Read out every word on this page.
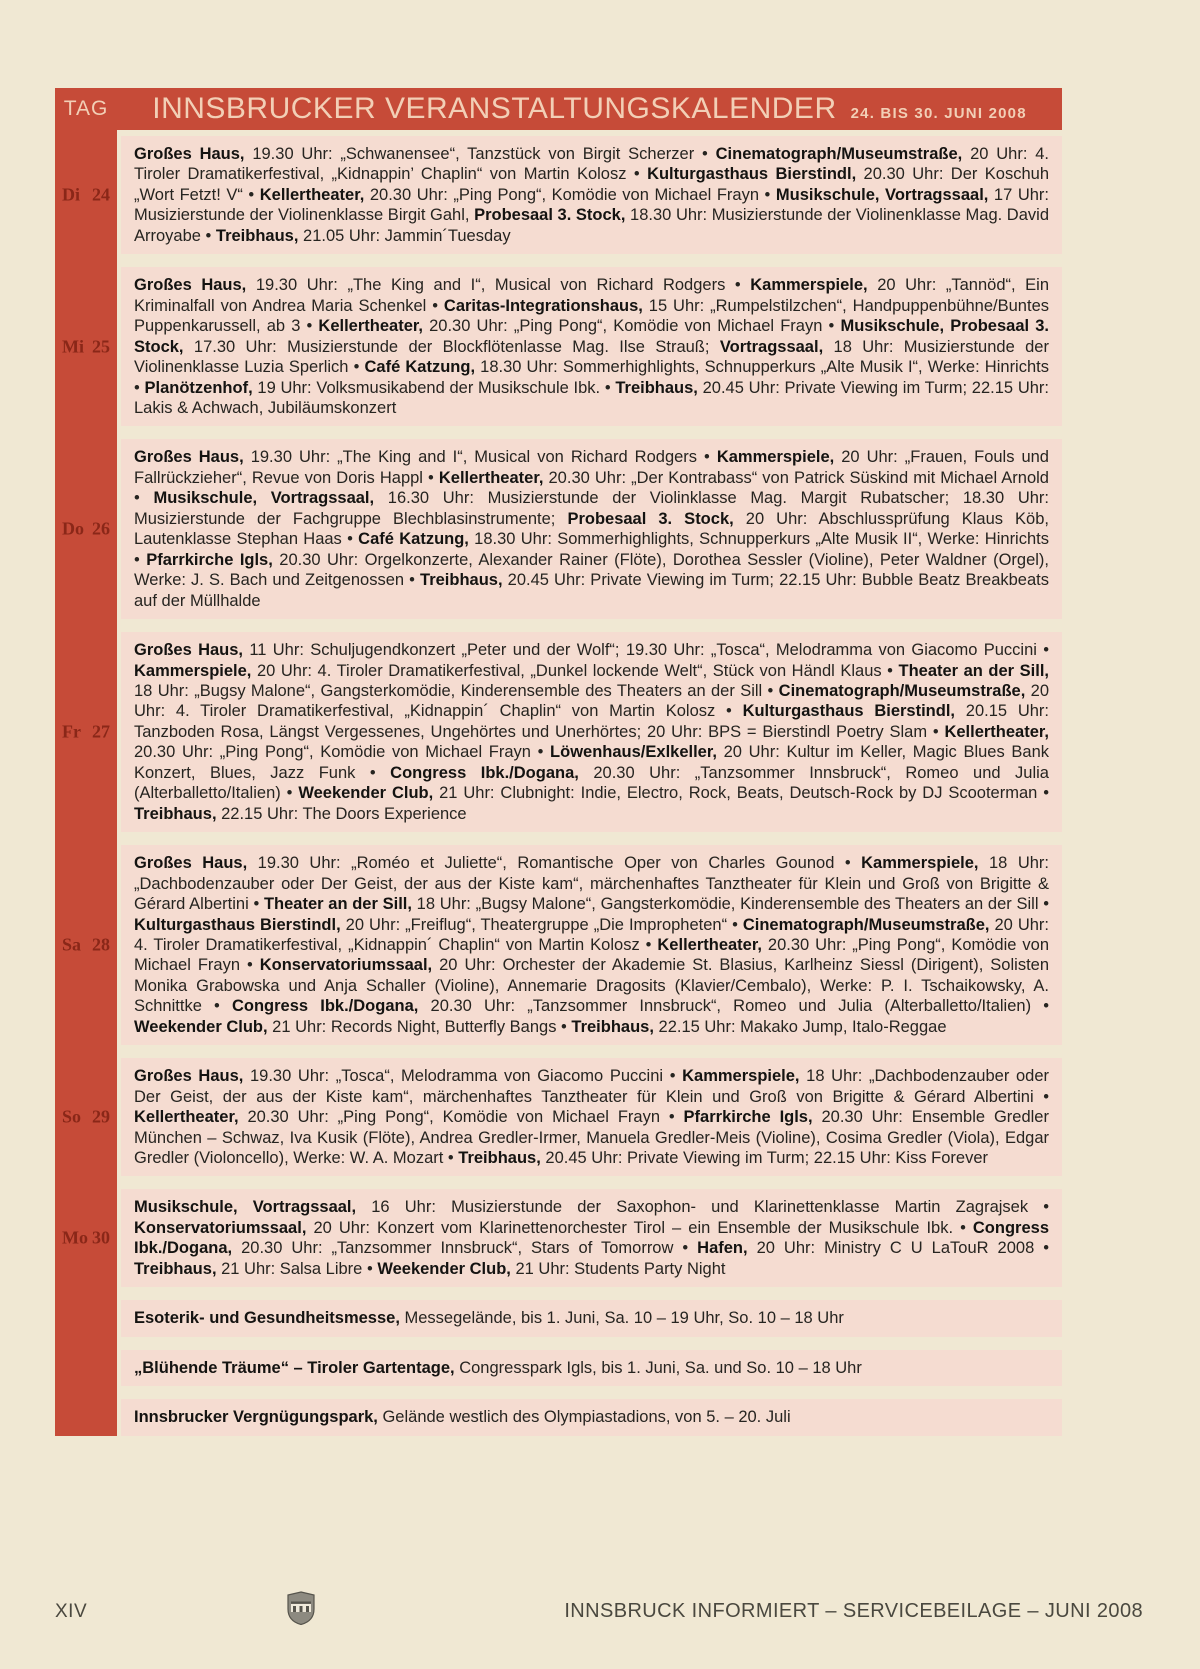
TAG INNSBRUCKER VERANSTALTUNGSKALENDER 24. BIS 30. JUNI 2008
Di 24

Großes Haus, 19.30 Uhr: „Schwanensee“, Tanzstück von Birgit Scherzer • Cinematograph/Museumstraße, 20 Uhr: 4. Tiroler Dramatikerfestival, „Kidnappin’ Chaplin“ von Martin Kolosz • Kulturgasthaus Bierstindl, 20.30 Uhr: Der Koschuh „Wort Fetzt! V“ • Kellertheater, 20.30 Uhr: „Ping Pong“, Komödie von Michael Frayn • Musikschule, Vortragssaal, 17 Uhr: Musizierstunde der Violinenklasse Birgit Gahl, Probesaal 3. Stock, 18.30 Uhr: Musizierstunde der Violinenklasse Mag. David Arroyabe • Treibhaus, 21.05 Uhr: Jammin´Tuesday

Mi 25

Großes Haus, 19.30 Uhr: „The King and I“, Musical von Richard Rodgers • Kammerspiele, 20 Uhr: „Tannöd“, Ein Kriminalfall von Andrea Maria Schenkel • Caritas-Integrationshaus, 15 Uhr: „Rumpelstilzchen“, Handpuppenbühne/Buntes Puppenkarussell, ab 3 • Kellertheater, 20.30 Uhr: „Ping Pong“, Komödie von Michael Frayn • Musikschule, Probesaal 3. Stock, 17.30 Uhr: Musizierstunde der Blockflötenlasse Mag. Ilse Strauß; Vortragssaal, 18 Uhr: Musizierstunde der Violinenklasse Luzia Sperlich • Café Katzung, 18.30 Uhr: Sommerhighlights, Schnupperkurs „Alte Musik I“, Werke: Hinrichts • Planötzenhof, 19 Uhr: Volksmusikabend der Musikschule Ibk. • Treibhaus, 20.45 Uhr: Private Viewing im Turm; 22.15 Uhr: Lakis & Achwach, Jubiläumskonzert

Do 26

Großes Haus, 19.30 Uhr: „The King and I“, Musical von Richard Rodgers • Kammerspiele, 20 Uhr: „Frauen, Fouls und Fallrückzieher“, Revue von Doris Happl • Kellertheater, 20.30 Uhr: „Der Kontrabass“ von Patrick Süskind mit Michael Arnold • Musikschule, Vortragssaal, 16.30 Uhr: Musizierstunde der Violinklasse Mag. Margit Rubatscher; 18.30 Uhr: Musizierstunde der Fachgruppe Blechblasinstrumente; Probesaal 3. Stock, 20 Uhr: Abschlussprüfung Klaus Köb, Lautenklasse Stephan Haas • Café Katzung, 18.30 Uhr: Sommerhighlights, Schnupperkurs „Alte Musik II“, Werke: Hinrichts • Pfarrkirche Igls, 20.30 Uhr: Orgelkonzerte, Alexander Rainer (Flöte), Dorothea Sessler (Violine), Peter Waldner (Orgel), Werke: J. S. Bach und Zeitgenossen • Treibhaus, 20.45 Uhr: Private Viewing im Turm; 22.15 Uhr: Bubble Beatz Breakbeats auf der Müllhalde

Fr 27

Großes Haus, 11 Uhr: Schuljugendkonzert „Peter und der Wolf“; 19.30 Uhr: „Tosca“, Melodramma von Giacomo Puccini • Kammerspiele, 20 Uhr: 4. Tiroler Dramatikerfestival, „Dunkel lockende Welt“, Stück von Händl Klaus • Theater an der Sill, 18 Uhr: „Bugsy Malone“, Gangsterkomödie, Kinderensemble des Theaters an der Sill • Cinematograph/Museumstraße, 20 Uhr: 4. Tiroler Dramatikerfestival, „Kidnappin´ Chaplin“ von Martin Kolosz • Kulturgasthaus Bierstindl, 20.15 Uhr: Tanzboden Rosa, Längst Vergessenes, Ungehörtes und Unerhörtes; 20 Uhr: BPS = Bierstindl Poetry Slam • Kellertheater, 20.30 Uhr: „Ping Pong“, Komödie von Michael Frayn • Löwenhaus/Exlkeller, 20 Uhr: Kultur im Keller, Magic Blues Bank Konzert, Blues, Jazz Funk • Congress Ibk./Dogana, 20.30 Uhr: „Tanzsommer Innsbruck“, Romeo und Julia (Alterballetto/Italien) • Weekender Club, 21 Uhr: Clubnight: Indie, Electro, Rock, Beats, Deutsch-Rock by DJ Scooterman • Treibhaus, 22.15 Uhr: The Doors Experience

Sa 28

Großes Haus, 19.30 Uhr: „Roméo et Juliette“, Romantische Oper von Charles Gounod • Kammerspiele, 18 Uhr: „Dachbodenzauber oder Der Geist, der aus der Kiste kam“, märchenhaftes Tanztheater für Klein und Groß von Brigitte & Gérard Albertini • Theater an der Sill, 18 Uhr: „Bugsy Malone“, Gangsterkomödie, Kinderensemble des Theaters an der Sill • Kulturgasthaus Bierstindl, 20 Uhr: „Freiflug“, Theatergruppe „Die Impropheten“ • Cinematograph/Museumstraße, 20 Uhr: 4. Tiroler Dramatikerfestival, „Kidnappin´ Chaplin“ von Martin Kolosz • Kellertheater, 20.30 Uhr: „Ping Pong“, Komödie von Michael Frayn • Konservatoriumssaal, 20 Uhr: Orchester der Akademie St. Blasius, Karlheinz Siessl (Dirigent), Solisten Monika Grabowska und Anja Schaller (Violine), Annemarie Dragosits (Klavier/Cembalo), Werke: P. I. Tschaikowsky, A. Schnittke • Congress Ibk./Dogana, 20.30 Uhr: „Tanzsommer Innsbruck“, Romeo und Julia (Alterballetto/Italien) • Weekender Club, 21 Uhr: Records Night, Butterfly Bangs • Treibhaus, 22.15 Uhr: Makako Jump, Italo-Reggae

So 29

Großes Haus, 19.30 Uhr: „Tosca“, Melodramma von Giacomo Puccini • Kammerspiele, 18 Uhr: „Dachbodenzauber oder Der Geist, der aus der Kiste kam“, märchenhaftes Tanztheater für Klein und Groß von Brigitte & Gérard Albertini • Kellertheater, 20.30 Uhr: „Ping Pong“, Komödie von Michael Frayn • Pfarrkirche Igls, 20.30 Uhr: Ensemble Gredler München – Schwaz, Iva Kusik (Flöte), Andrea Gredler-Irmer, Manuela Gredler-Meis (Violine), Cosima Gredler (Viola), Edgar Gredler (Violoncello), Werke: W. A. Mozart • Treibhaus, 20.45 Uhr: Private Viewing im Turm; 22.15 Uhr: Kiss Forever

Mo 30

Musikschule, Vortragssaal, 16 Uhr: Musizierstunde der Saxophon- und Klarinettenklasse Martin Zagrajsek • Konservatoriumssaal, 20 Uhr: Konzert vom Klarinettenorchester Tirol – ein Ensemble der Musikschule Ibk. • Congress Ibk./Dogana, 20.30 Uhr: „Tanzsommer Innsbruck“, Stars of Tomorrow • Hafen, 20 Uhr: Ministry C U LaTouR 2008 • Treibhaus, 21 Uhr: Salsa Libre • Weekender Club, 21 Uhr: Students Party Night

Esoterik- und Gesundheitsmesse, Messegelände, bis 1. Juni, Sa. 10 – 19 Uhr, So. 10 – 18 Uhr

„Blühende Träume“ – Tiroler Gartentage, Congresspark Igls, bis 1. Juni, Sa. und So. 10 – 18 Uhr

Innsbrucker Vergnügungspark, Gelände westlich des Olympiastadions, von 5. – 20. Juli

XIV	INNSBRUCK INFORMIERT – SERVICEBEILAGE – JUNI 2008
